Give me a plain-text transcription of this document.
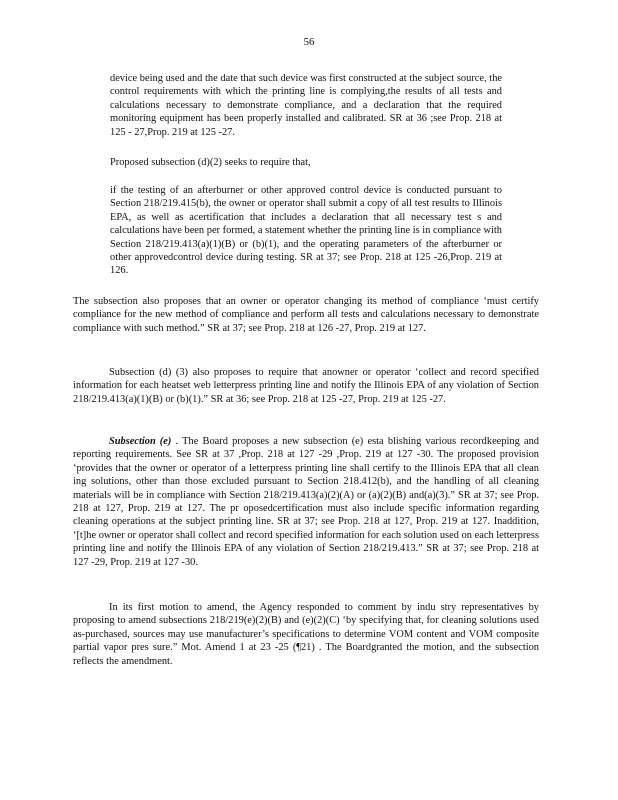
56

device being used and the date that such device was first constructed at the subject source, the control requirements with which the printing line is complying,the results of all tests and calculations necessary to demonstrate compliance, and a declaration that the required monitoring equipment has been properly installed and calibrated. SR at 36 ;see Prop. 218 at 125 - 27,Prop. 219 at 125 -27.

Proposed subsection (d)(2) seeks to require that,

if the testing of an afterburner or other approved control device is conducted pursuant to Section 218/219.415(b), the owner or operator shall submit a copy of all test results to Illinois EPA, as well as acertification that includes a declaration that all necessary test s and calculations have been per formed, a statement whether the printing line is in compliance with Section 218/219.413(a)(1)(B) or (b)(1), and the operating parameters of the afterburner or other approvedcontrol device during testing. SR at 37; see Prop. 218 at 125 -26,Prop. 219 at 126.

The subsection also proposes that an owner or operator changing its method of compliance ‘must certify compliance for the new method of compliance and perform all tests and calculations necessary to demonstrate compliance with such method.” SR at 37; see Prop. 218 at 126 -27, Prop. 219 at 127.

Subsection (d) (3) also proposes to require that anowner or operator ‘collect and record specified information for each heatset web letterpress printing line and notify the Illinois EPA of any violation of Section 218/219.413(a)(1)(B) or (b)(1).” SR at 36; see Prop. 218 at 125 -27, Prop. 219 at 125 -27.

Subsection (e) . The Board proposes a new subsection (e) esta blishing various recordkeeping and reporting requirements. See SR at 37 ,Prop. 218 at 127 -29 ,Prop. 219 at 127 -30. The proposed provision ‘provides that the owner or operator of a letterpress printing line shall certify to the Illinois EPA that all clean ing solutions, other than those excluded pursuant to Section 218.412(b), and the handling of all cleaning materials will be in compliance with Section 218/219.413(a)(2)(A) or (a)(2)(B) and(a)(3).” SR at 37; see Prop. 218 at 127, Prop. 219 at 127. The pr oposedcertification must also include specific information regarding cleaning operations at the subject printing line. SR at 37; see Prop. 218 at 127, Prop. 219 at 127. Inaddition, ‘[t]he owner or operator shall collect and record specified information for each solution used on each letterpress printing line and notify the Illinois EPA of any violation of Section 218/219.413.” SR at 37; see Prop. 218 at 127 -29, Prop. 219 at 127 -30.

In its first motion to amend, the Agency responded to comment by indu stry representatives by proposing to amend subsections 218/219(e)(2)(B) and (e)(2)(C) ‘by specifying that, for cleaning solutions used as-purchased, sources may use manufacturer’s specifications to determine VOM content and VOM composite partial vapor pres sure.” Mot. Amend 1 at 23 -25 (¶21) . The Boardgranted the motion, and the subsection reflects the amendment.
